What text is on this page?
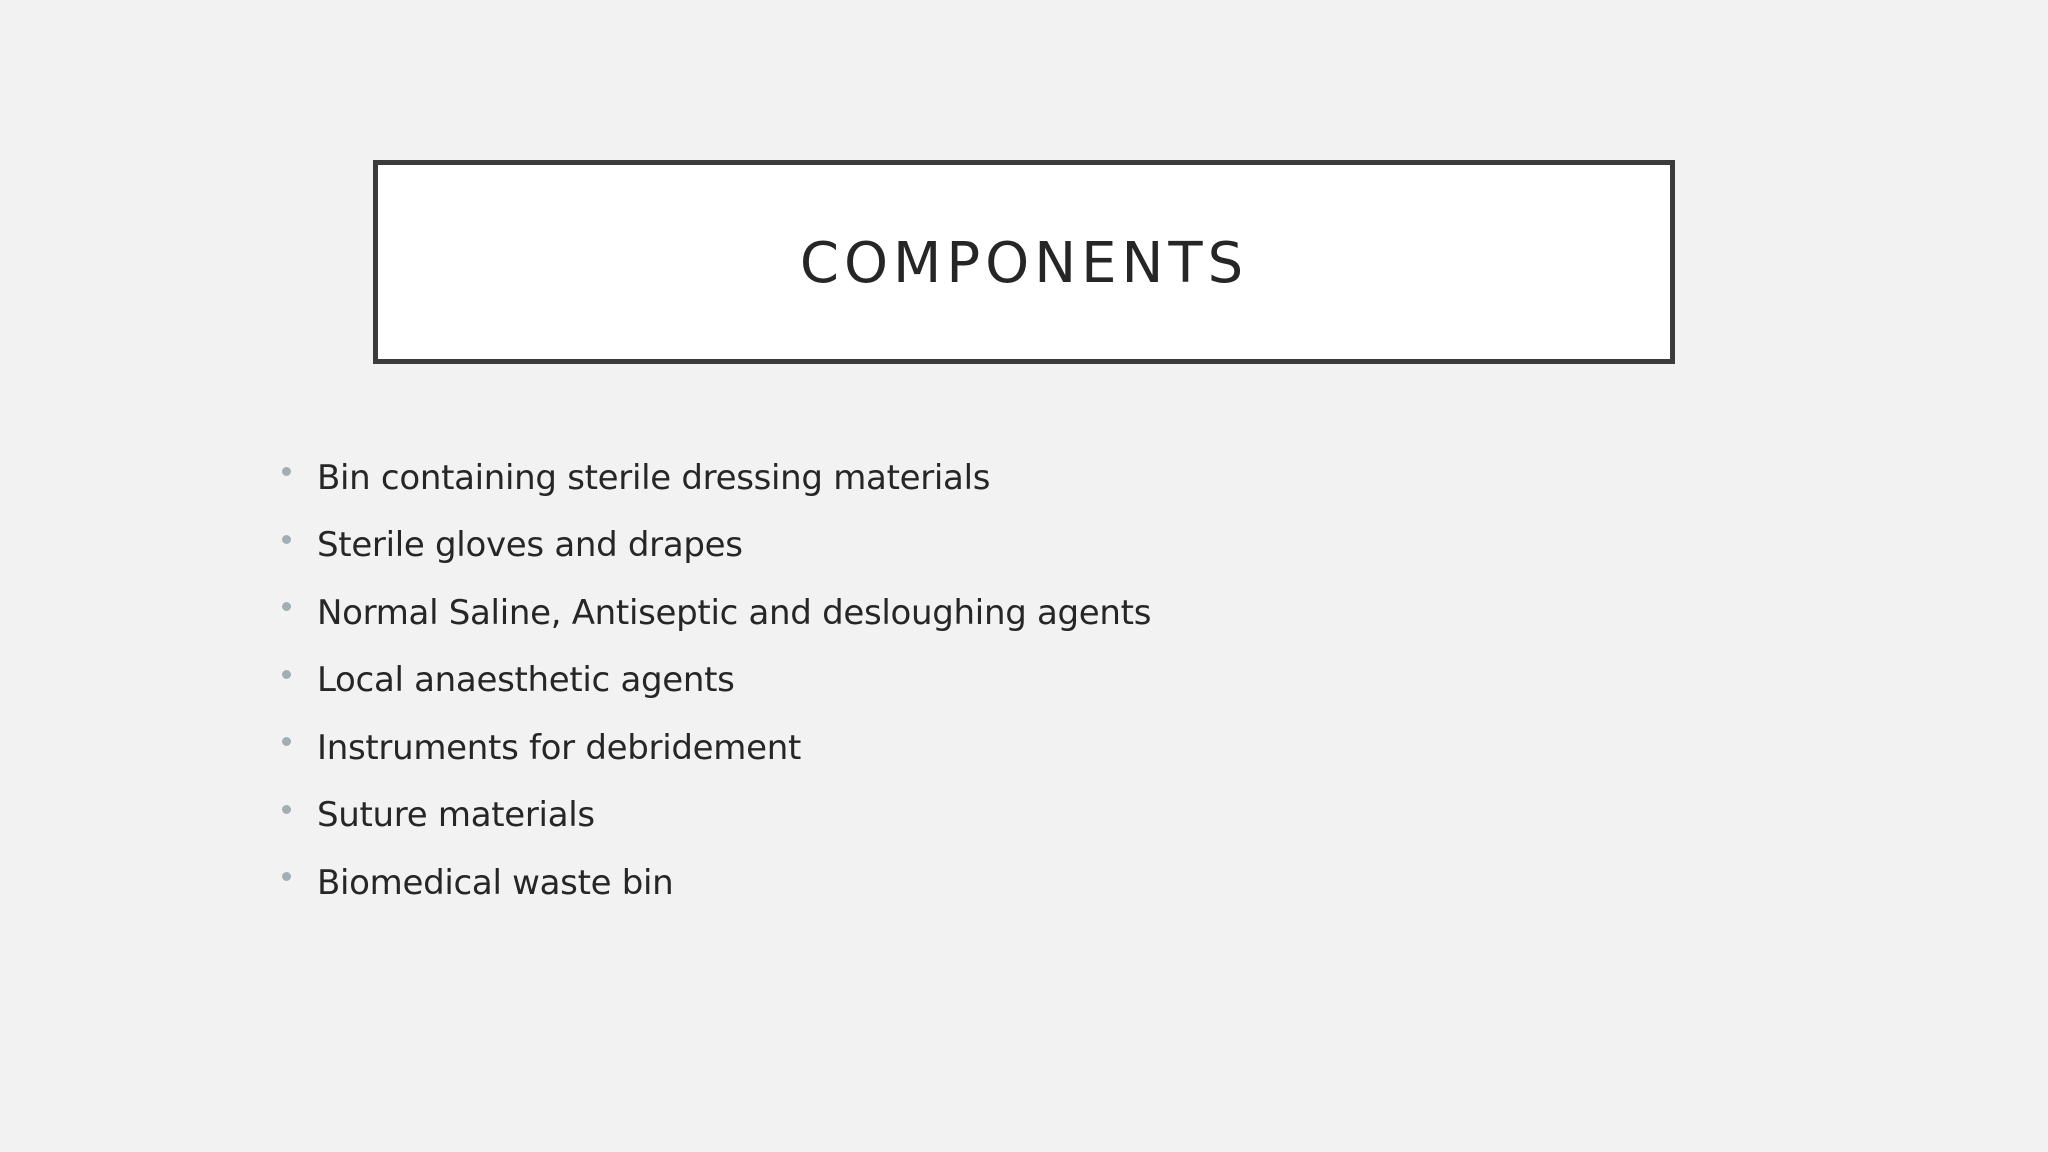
COMPONENTS
Bin containing sterile dressing materials
Sterile gloves and drapes
Normal Saline, Antiseptic and desloughing agents
Local anaesthetic agents
Instruments for debridement
Suture materials
Biomedical waste bin
